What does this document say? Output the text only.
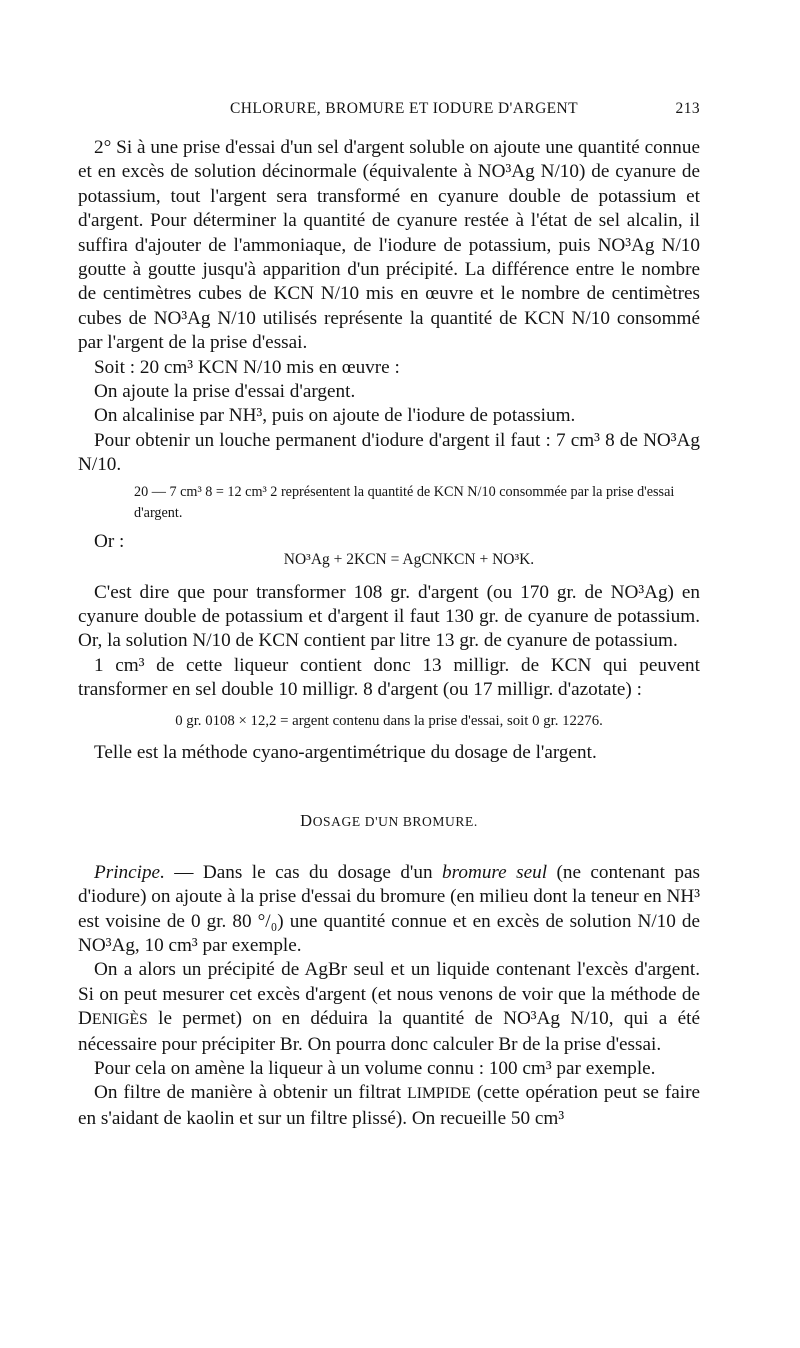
CHLORURE, BROMURE ET IODURE D'ARGENT	213

2° Si à une prise d'essai d'un sel d'argent soluble on ajoute une quantité connue et en excès de solution décinormale (équivalente à NO³Ag N/10) de cyanure de potassium, tout l'argent sera transformé en cyanure double de potassium et d'argent. Pour déterminer la quantité de cyanure restée à l'état de sel alcalin, il suffira d'ajouter de l'ammoniaque, de l'iodure de potassium, puis NO³Ag N/10 goutte à goutte jusqu'à apparition d'un précipité. La différence entre le nombre de centimètres cubes de KCN N/10 mis en œuvre et le nombre de centimètres cubes de NO³Ag N/10 utilisés représente la quantité de KCN N/10 consommé par l'argent de la prise d'essai.

Soit : 20 cm³ KCN N/10 mis en œuvre :

On ajoute la prise d'essai d'argent.

On alcalinise par NH³, puis on ajoute de l'iodure de potassium.

Pour obtenir un louche permanent d'iodure d'argent il faut : 7 cm³ 8 de NO³Ag N/10.

20 — 7 cm³ 8 = 12 cm³ 2 représentent la quantité de KCN N/10 consommée par la prise d'essai d'argent.

Or :

NO³Ag + 2KCN = AgCNKCN + NO³K.

C'est dire que pour transformer 108 gr. d'argent (ou 170 gr. de NO³Ag) en cyanure double de potassium et d'argent il faut 130 gr. de cyanure de potassium. Or, la solution N/10 de KCN contient par litre 13 gr. de cyanure de potassium.

1 cm³ de cette liqueur contient donc 13 milligr. de KCN qui peuvent transformer en sel double 10 milligr. 8 d'argent (ou 17 milligr. d'azotate) :

0 gr. 0108 × 12,2 = argent contenu dans la prise d'essai, soit 0 gr. 12276.

Telle est la méthode cyano-argentimétrique du dosage de l'argent.

DOSAGE D'UN BROMURE.

Principe. — Dans le cas du dosage d'un bromure seul (ne contenant pas d'iodure) on ajoute à la prise d'essai du bromure (en milieu dont la teneur en NH³ est voisine de 0 gr. 80 °/₀) une quantité connue et en excès de solution N/10 de NO³Ag, 10 cm³ par exemple.

On a alors un précipité de AgBr seul et un liquide contenant l'excès d'argent. Si on peut mesurer cet excès d'argent (et nous venons de voir que la méthode de DENIGÈS le permet) on en déduira la quantité de NO³Ag N/10, qui a été nécessaire pour précipiter Br. On pourra donc calculer Br de la prise d'essai.

Pour cela on amène la liqueur à un volume connu : 100 cm³ par exemple.

On filtre de manière à obtenir un filtrat LIMPIDE (cette opération peut se faire en s'aidant de kaolin et sur un filtre plissé). On recueille 50 cm³
